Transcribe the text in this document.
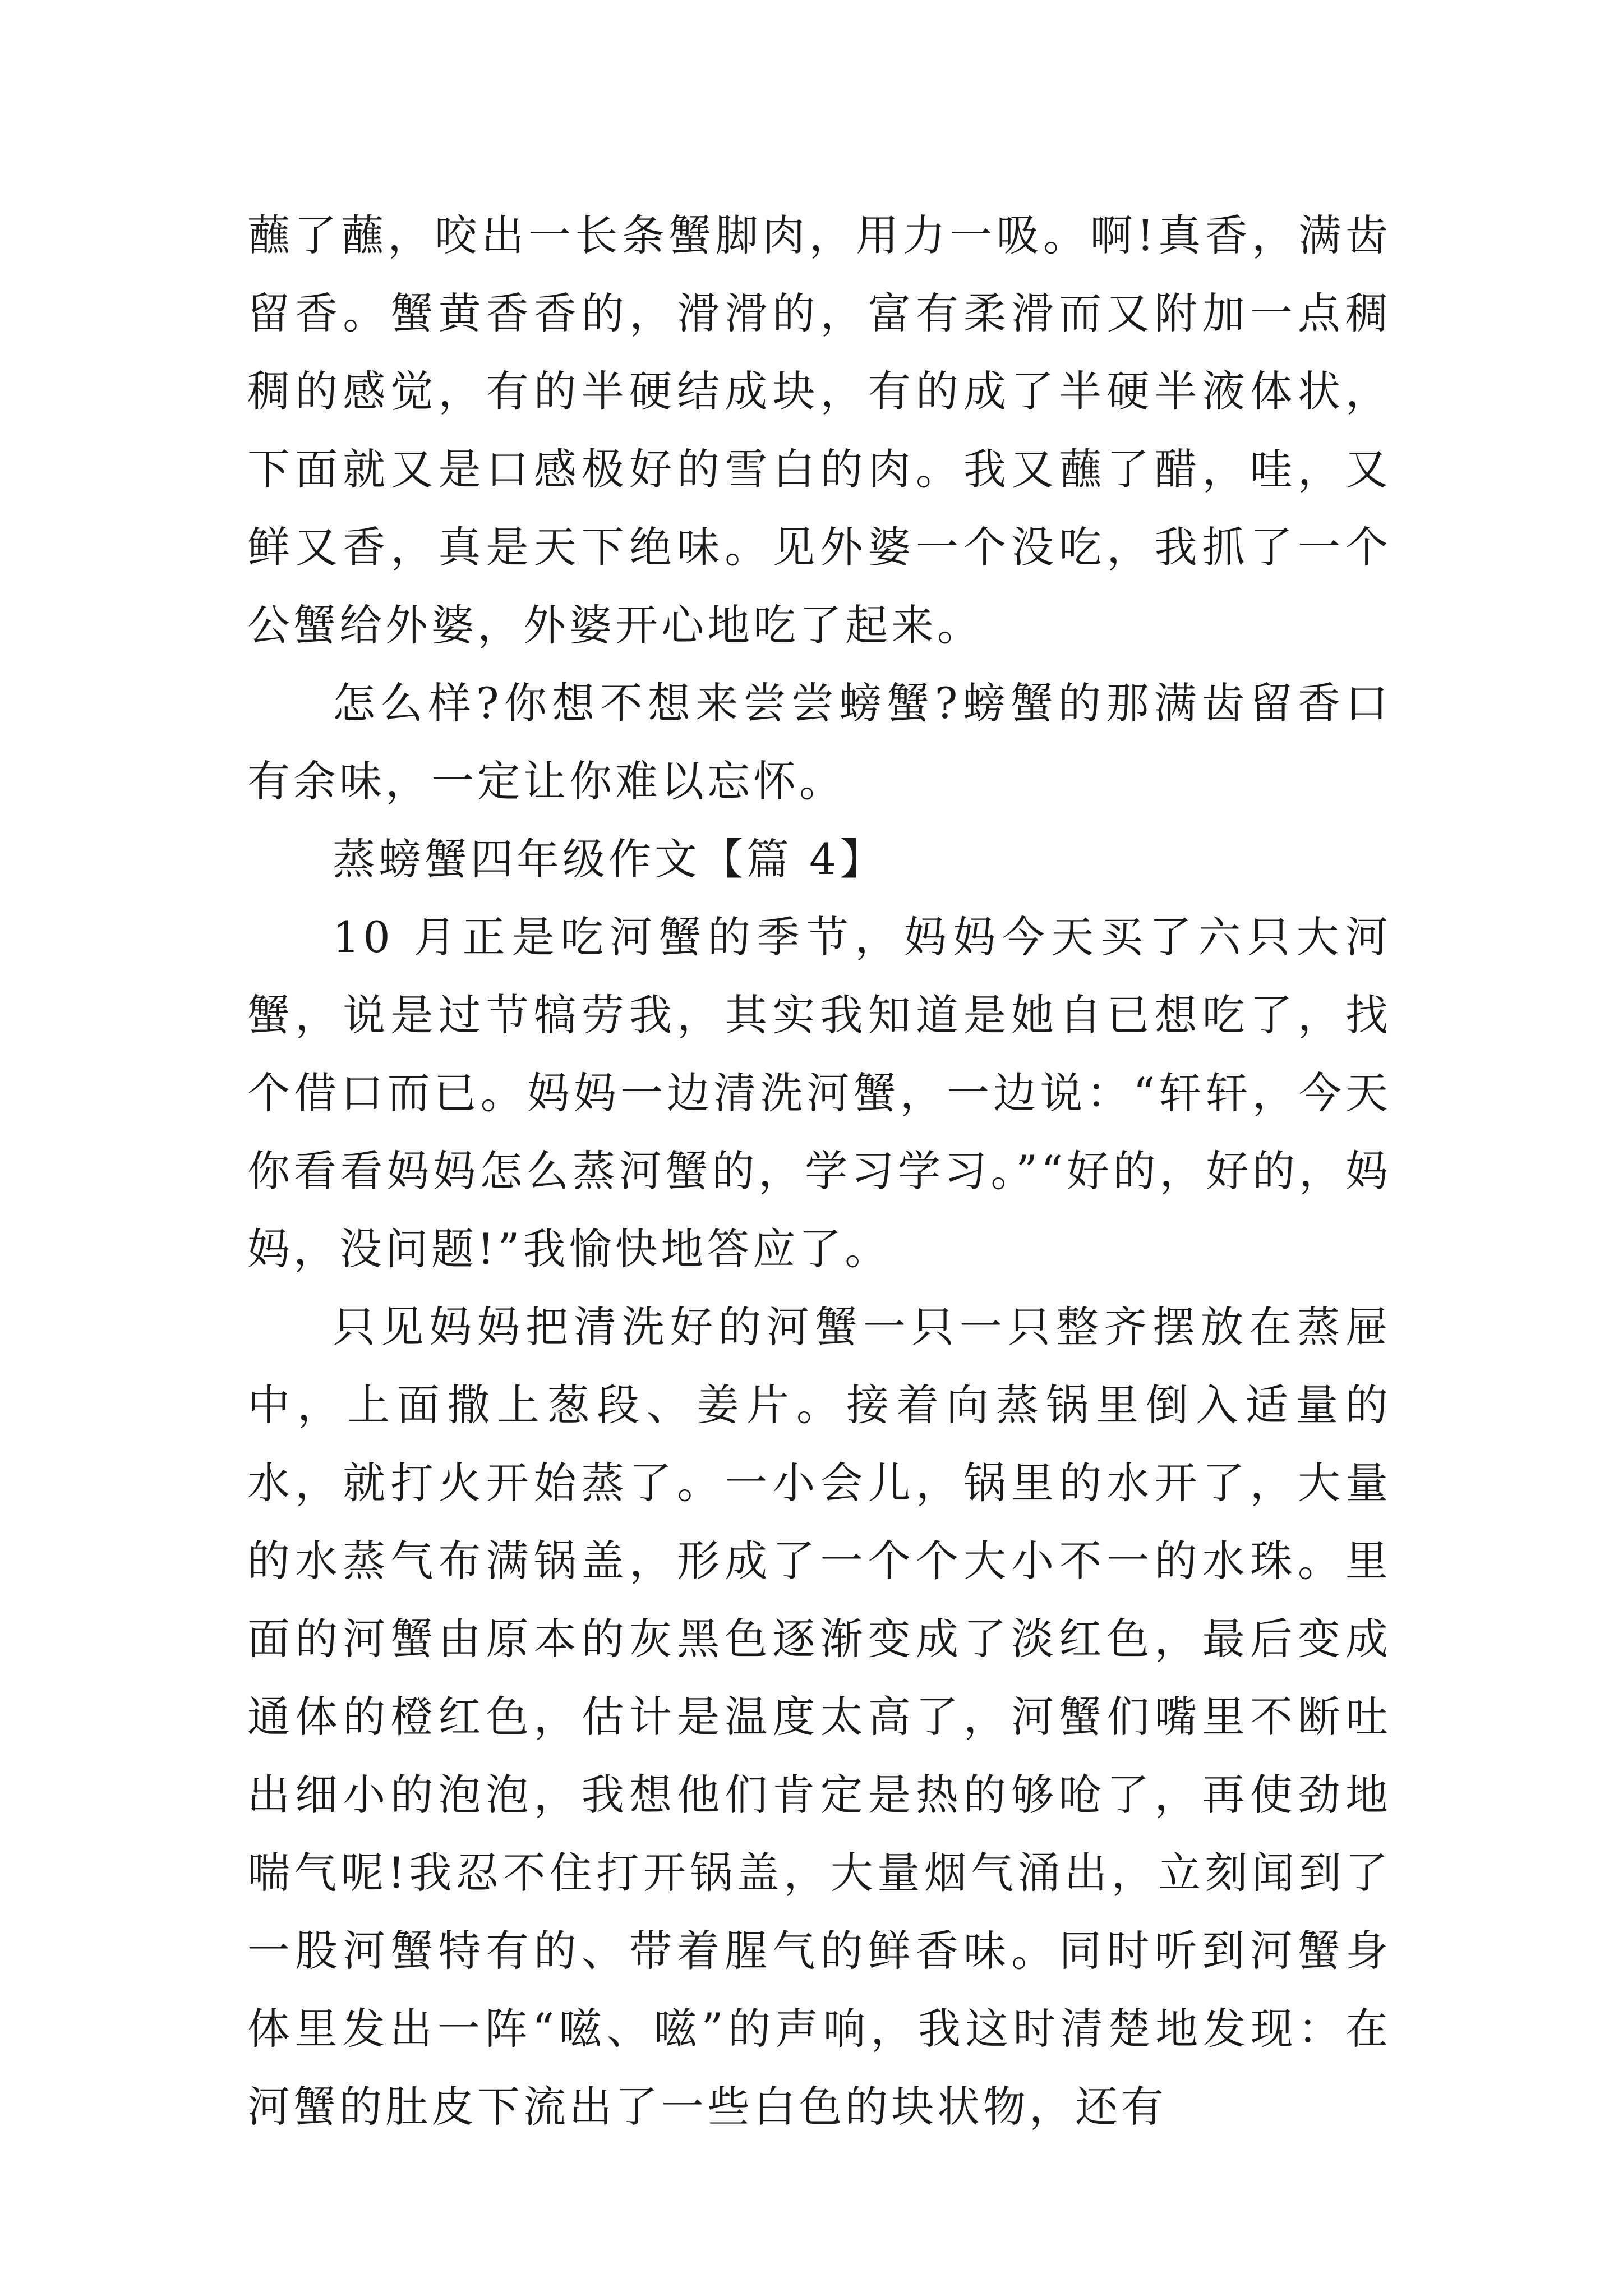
蘸了蘸，咬出一长条蟹脚肉，用力一吸。啊!真香，满齿留香。蟹黄香香的，滑滑的，富有柔滑而又附加一点稠稠的感觉，有的半硬结成块，有的成了半硬半液体状，下面就又是口感极好的雪白的肉。我又蘸了醋，哇，又鲜又香，真是天下绝味。见外婆一个没吃，我抓了一个公蟹给外婆，外婆开心地吃了起来。

怎么样?你想不想来尝尝螃蟹?螃蟹的那满齿留香口有余味，一定让你难以忘怀。

蒸螃蟹四年级作文【篇 4】

10 月正是吃河蟹的季节，妈妈今天买了六只大河蟹，说是过节犒劳我，其实我知道是她自已想吃了，找个借口而已。妈妈一边清洗河蟹，一边说：“轩轩，今天你看看妈妈怎么蒸河蟹的，学习学习。”“好的，好的，妈妈，没问题!”我愉快地答应了。

只见妈妈把清洗好的河蟹一只一只整齐摆放在蒸屉中，上面撒上葱段、姜片。接着向蒸锅里倒入适量的水，就打火开始蒸了。一小会儿，锅里的水开了，大量的水蒸气布满锅盖，形成了一个个大小不一的水珠。里面的河蟹由原本的灰黑色逐渐变成了淡红色，最后变成通体的橙红色，估计是温度太高了，河蟹们嘴里不断吐出细小的泡泡，我想他们肯定是热的够呛了，再使劲地喘气呢!我忍不住打开锅盖，大量烟气涌出，立刻闻到了一股河蟹特有的、带着腥气的鲜香味。同时听到河蟹身体里发出一阵“嗞、嗞”的声响，我这时清楚地发现：在河蟹的肚皮下流出了一些白色的块状物，还有
